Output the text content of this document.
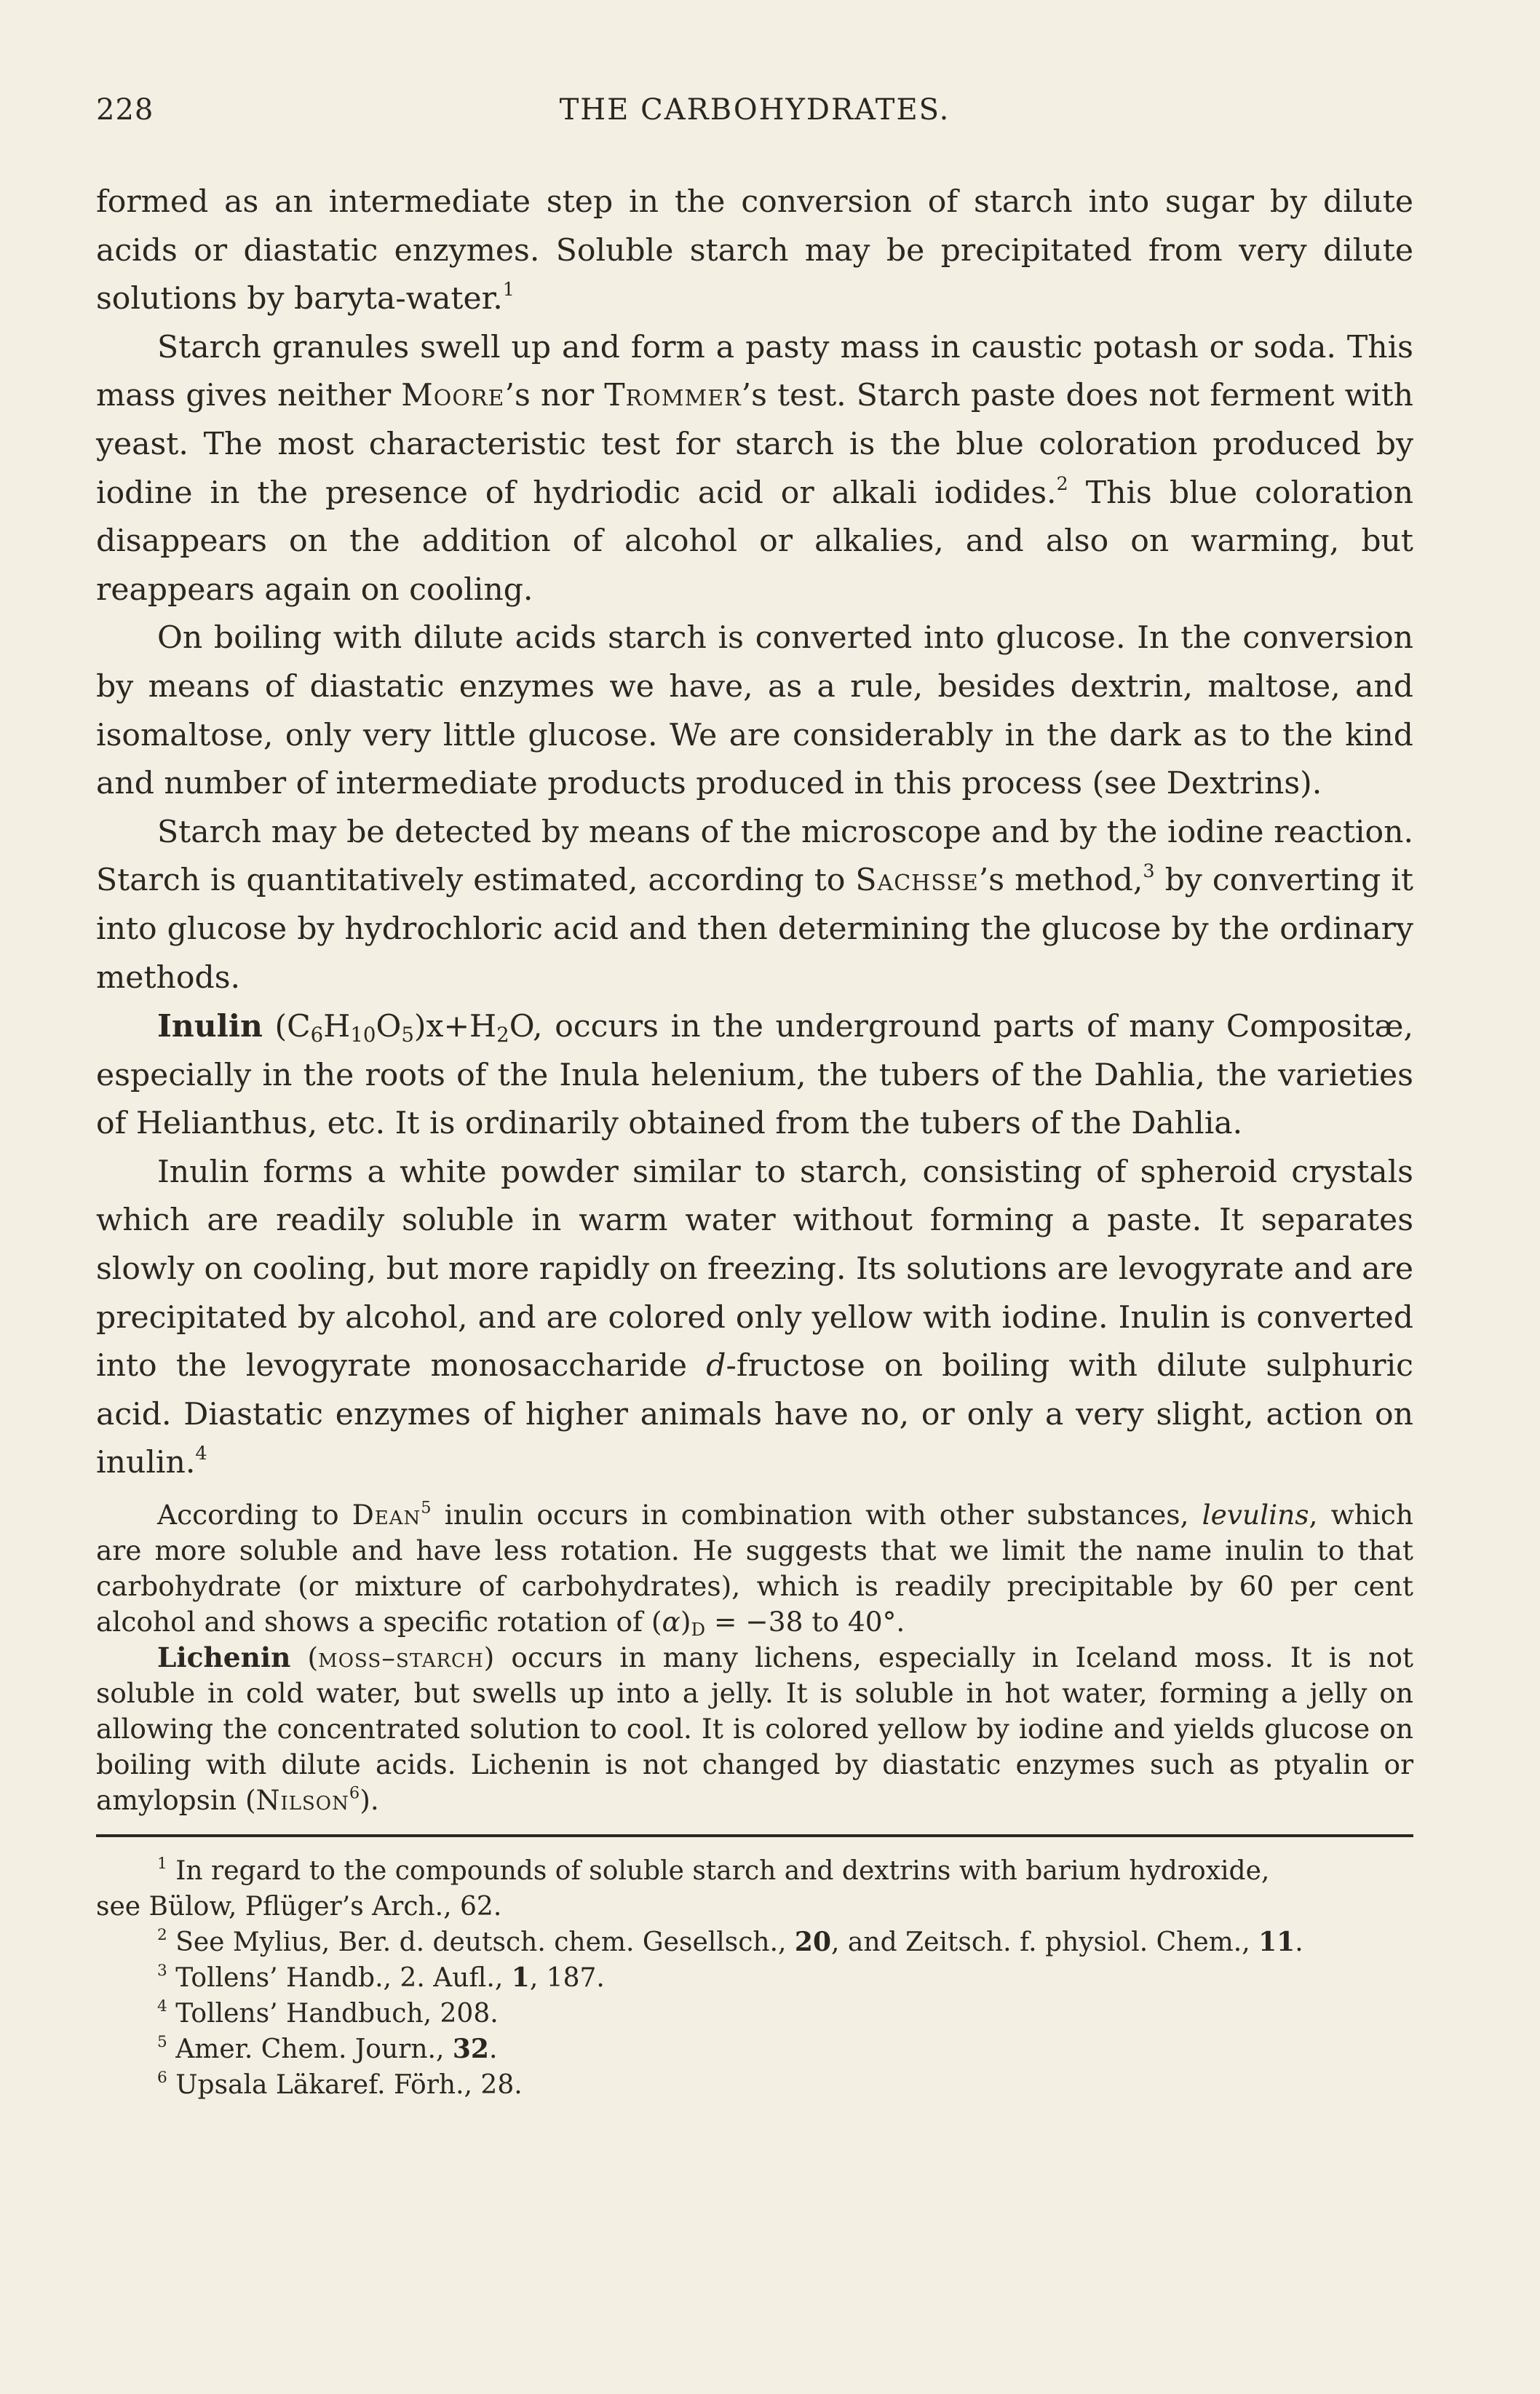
228	THE CARBOHYDRATES.

formed as an intermediate step in the conversion of starch into sugar by dilute acids or diastatic enzymes. Soluble starch may be precipitated from very dilute solutions by baryta-water.$^1$

Starch granules swell up and form a pasty mass in caustic potash or soda. This mass gives neither Moore’s nor Trommer’s test. Starch paste does not ferment with yeast. The most characteristic test for starch is the blue coloration produced by iodine in the presence of hydriodic acid or alkali iodides.$^2$ This blue coloration disappears on the addition of alcohol or alkalies, and also on warming, but reappears again on cooling.

On boiling with dilute acids starch is converted into glucose. In the conversion by means of diastatic enzymes we have, as a rule, besides dextrin, maltose, and isomaltose, only very little glucose. We are considerably in the dark as to the kind and number of intermediate products produced in this process (see Dextrins).

Starch may be detected by means of the microscope and by the iodine reaction. Starch is quantitatively estimated, according to Sachsse’s method,$^3$ by converting it into glucose by hydrochloric acid and then determining the glucose by the ordinary methods.

Inulin $(C_6H_{10}O_5)x+H_2O$, occurs in the underground parts of many Compositæ, especially in the roots of the Inula helenium, the tubers of the Dahlia, the varieties of Helianthus, etc. It is ordinarily obtained from the tubers of the Dahlia.

Inulin forms a white powder similar to starch, consisting of spheroid crystals which are readily soluble in warm water without forming a paste. It separates slowly on cooling, but more rapidly on freezing. Its solutions are levogyrate and are precipitated by alcohol, and are colored only yellow with iodine. Inulin is converted into the levogyrate monosaccharide d-fructose on boiling with dilute sulphuric acid. Diastatic enzymes of higher animals have no, or only a very slight, action on inulin.$^4$

According to Dean$^5$ inulin occurs in combination with other substances, levulins, which are more soluble and have less rotation. He suggests that we limit the name inulin to that carbohydrate (or mixture of carbohydrates), which is readily precipitable by 60 per cent alcohol and shows a specific rotation of $(\alpha)_D = -38$ to 40°.

Lichenin (moss–starch) occurs in many lichens, especially in Iceland moss. It is not soluble in cold water, but swells up into a jelly. It is soluble in hot water, forming a jelly on allowing the concentrated solution to cool. It is colored yellow by iodine and yields glucose on boiling with dilute acids. Lichenin is not changed by diastatic enzymes such as ptyalin or amylopsin (Nilson$^6$).

$^1$ In regard to the compounds of soluble starch and dextrins with barium hydroxide,

see Bülow, Pflüger’s Arch., 62.

$^2$ See Mylius, Ber. d. deutsch. chem. Gesellsch., 20, and Zeitsch. f. physiol. Chem., 11.

$^3$ Tollens’ Handb., 2. Aufl., 1, 187.

$^4$ Tollens’ Handbuch, 208.

$^5$ Amer. Chem. Journ., 32.

$^6$ Upsala Läkaref. Förh., 28.
